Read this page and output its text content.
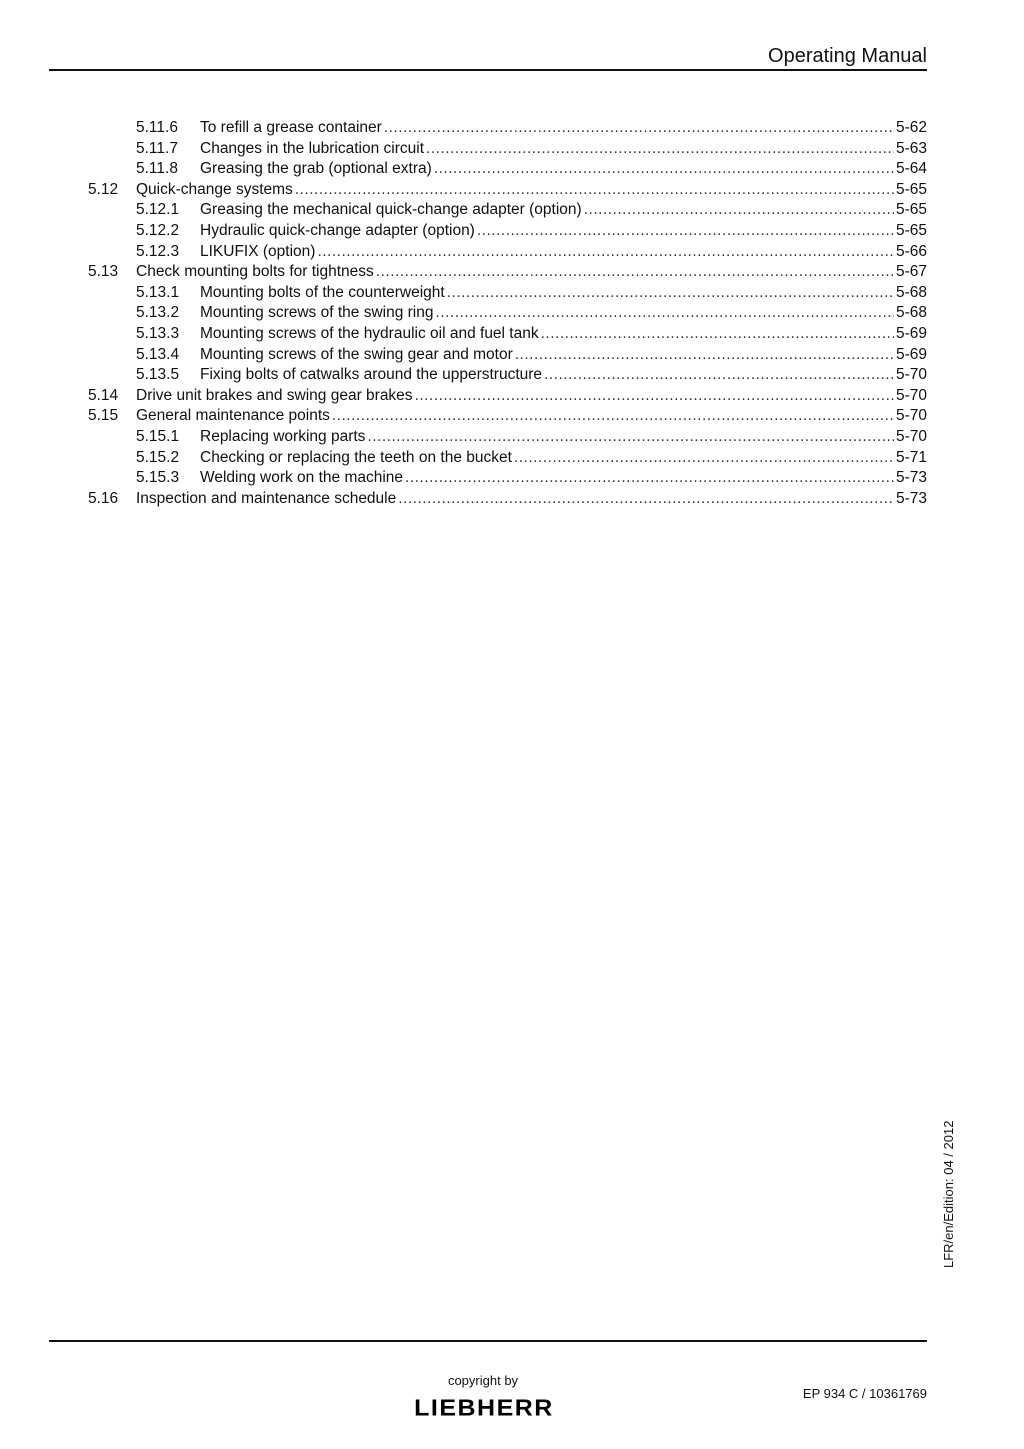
Operating Manual
5.11.6 To refill a grease container .....	5-62
5.11.7 Changes in the lubrication circuit .....	5-63
5.11.8 Greasing the grab (optional extra) .....	5-64
5.12 Quick-change systems .....	5-65
5.12.1 Greasing the mechanical quick-change adapter (option) .....	5-65
5.12.2 Hydraulic quick-change adapter (option) .....	5-65
5.12.3 LIKUFIX (option) .....	5-66
5.13 Check mounting bolts for tightness .....	5-67
5.13.1 Mounting bolts of the counterweight .....	5-68
5.13.2 Mounting screws of the swing ring .....	5-68
5.13.3 Mounting screws of the hydraulic oil and fuel tank .....	5-69
5.13.4 Mounting screws of the swing gear and motor .....	5-69
5.13.5 Fixing bolts of catwalks around the upperstructure .....	5-70
5.14 Drive unit brakes and swing gear brakes .....	5-70
5.15 General maintenance points .....	5-70
5.15.1 Replacing working parts .....	5-70
5.15.2 Checking or replacing the teeth on the bucket .....	5-71
5.15.3 Welding work on the machine .....	5-73
5.16 Inspection and maintenance schedule .....	5-73
LFR/en/Edition: 04 / 2012
copyright by
LIEBHERR
EP 934 C / 10361769
